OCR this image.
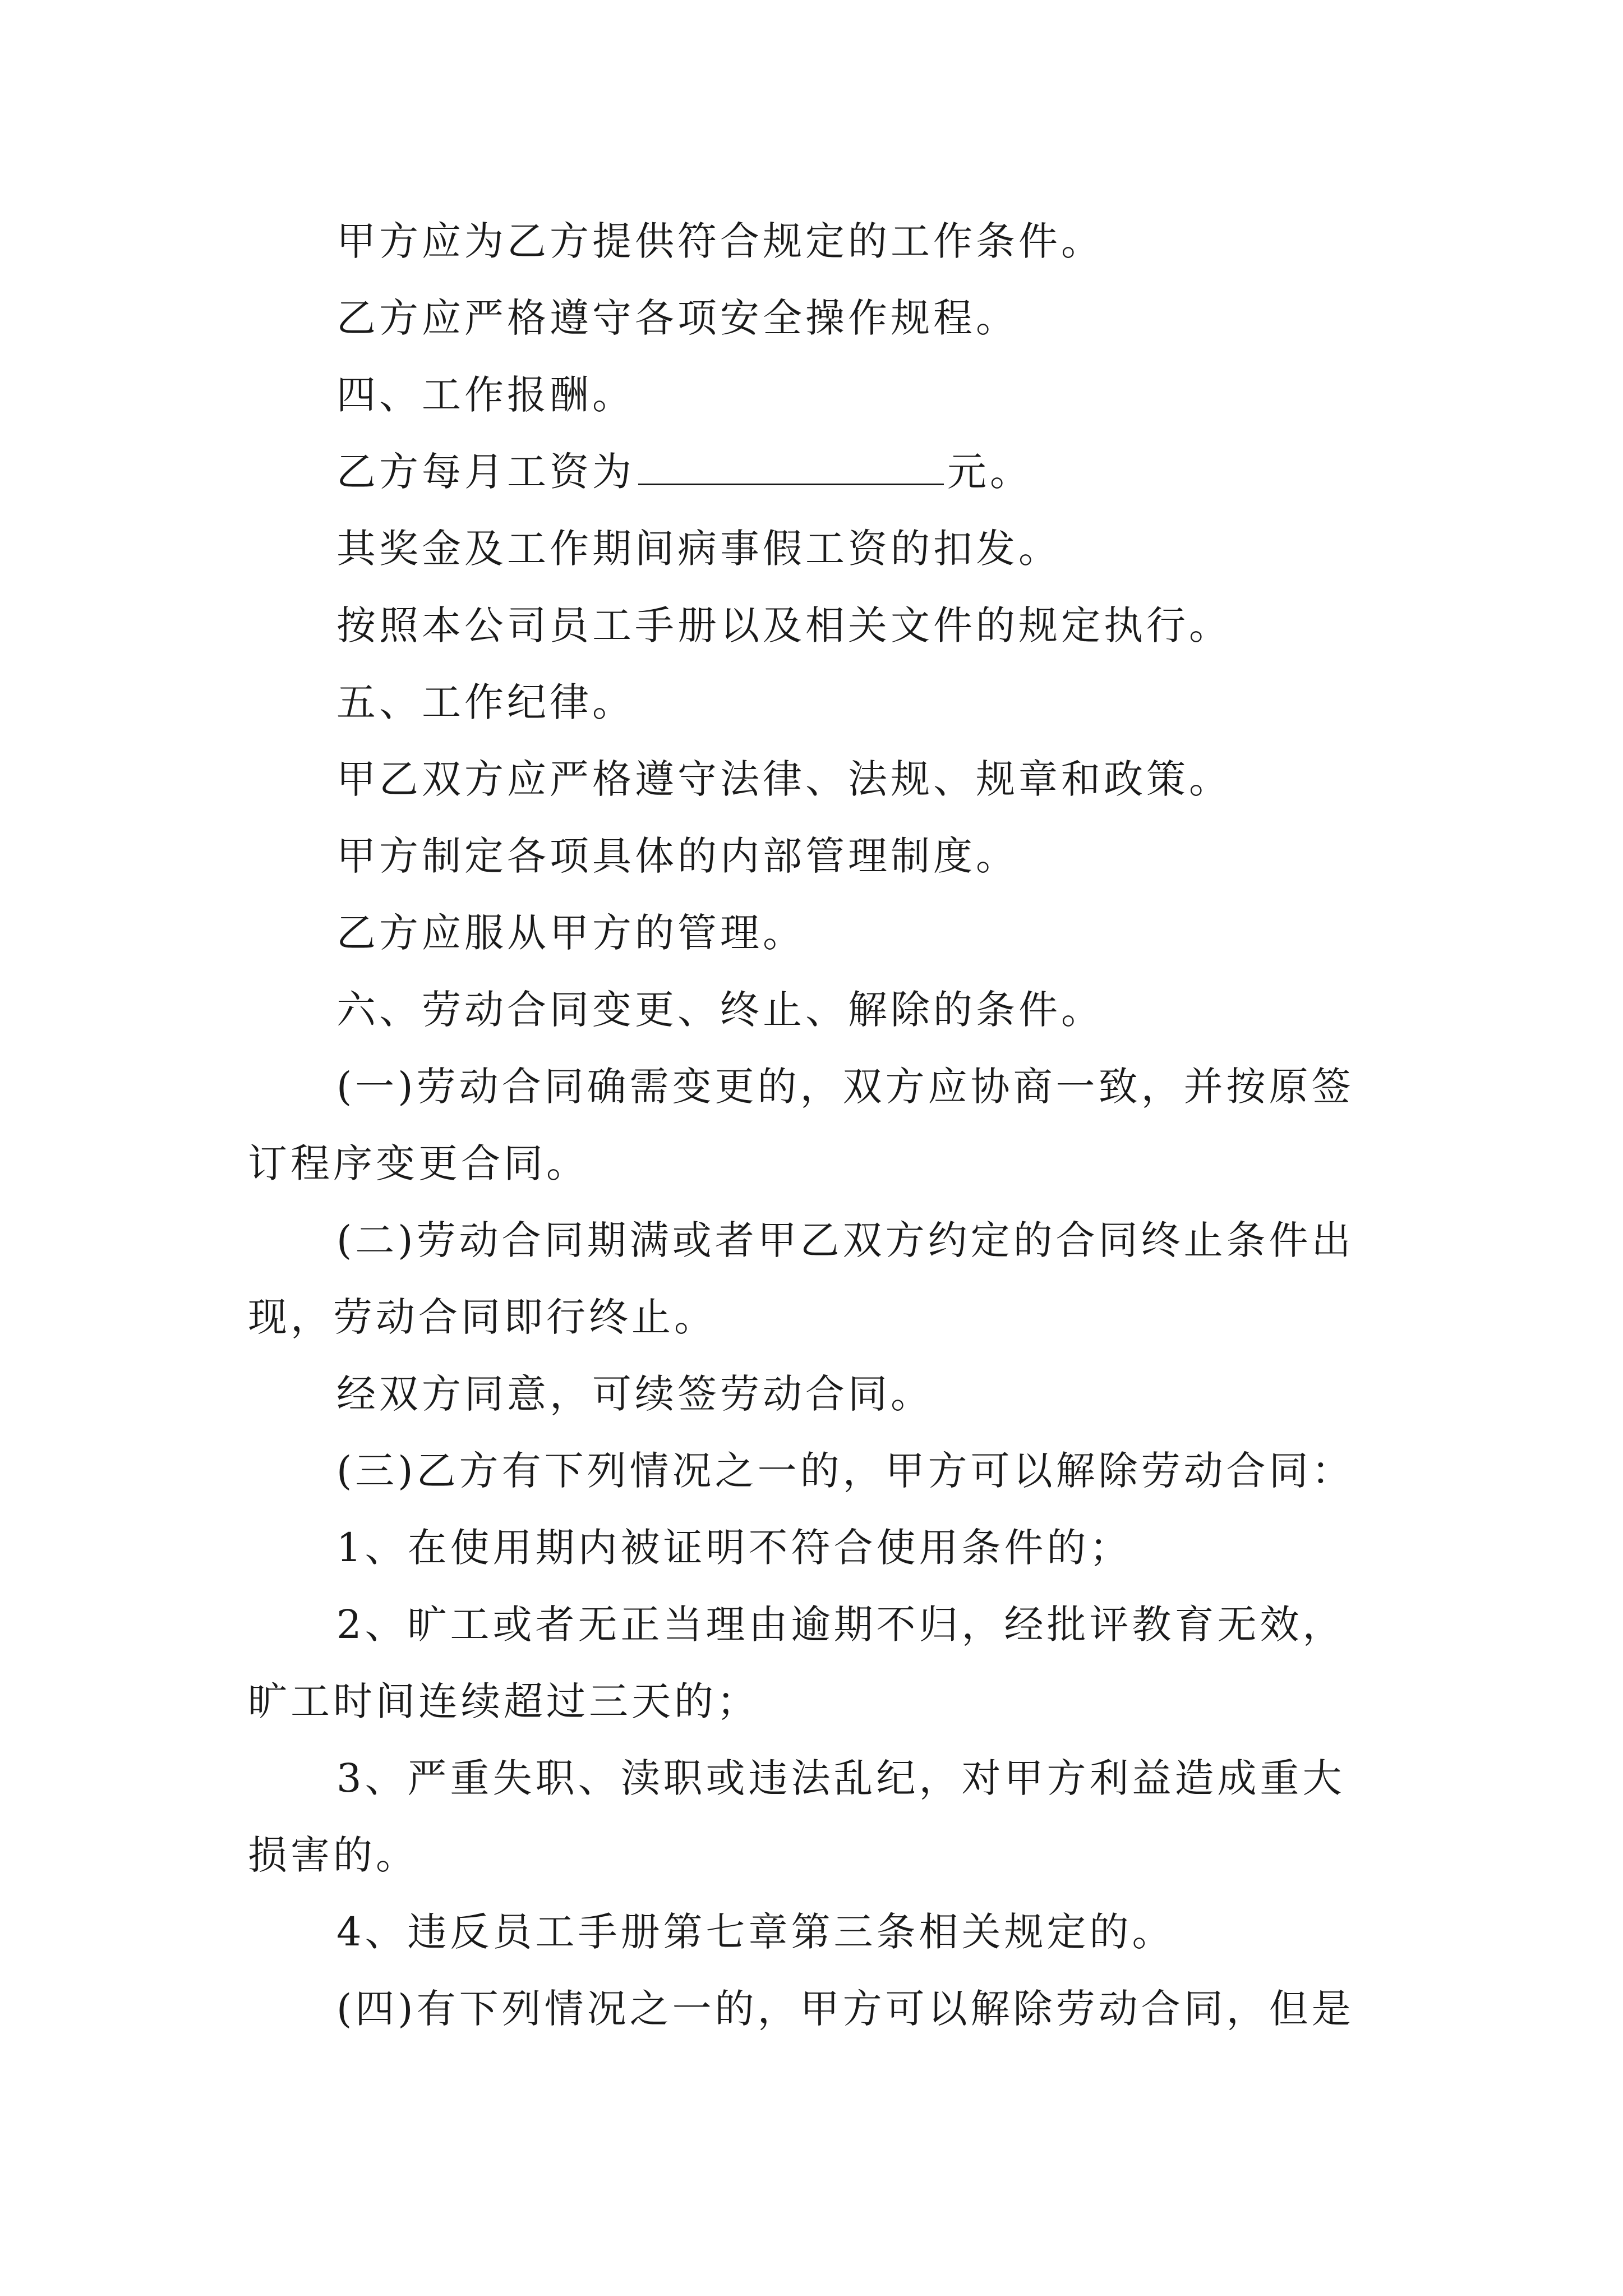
甲方应为乙方提供符合规定的工作条件。
乙方应严格遵守各项安全操作规程。
四、工作报酬。
乙方每月工资为	元。
其奖金及工作期间病事假工资的扣发。
按照本公司员工手册以及相关文件的规定执行。
五、工作纪律。
甲乙双方应严格遵守法律、法规、规章和政策。
甲方制定各项具体的内部管理制度。
乙方应服从甲方的管理。
六、劳动合同变更、终止、解除的条件。
(一)劳动合同确需变更的，双方应协商一致，并按原签
订程序变更合同。
(二)劳动合同期满或者甲乙双方约定的合同终止条件出
现，劳动合同即行终止。
经双方同意，可续签劳动合同。
(三)乙方有下列情况之一的，甲方可以解除劳动合同：
1、在使用期内被证明不符合使用条件的；
2、旷工或者无正当理由逾期不归，经批评教育无效，
旷工时间连续超过三天的；
3、严重失职、渎职或违法乱纪，对甲方利益造成重大
损害的。
4、违反员工手册第七章第三条相关规定的。
(四)有下列情况之一的，甲方可以解除劳动合同，但是
